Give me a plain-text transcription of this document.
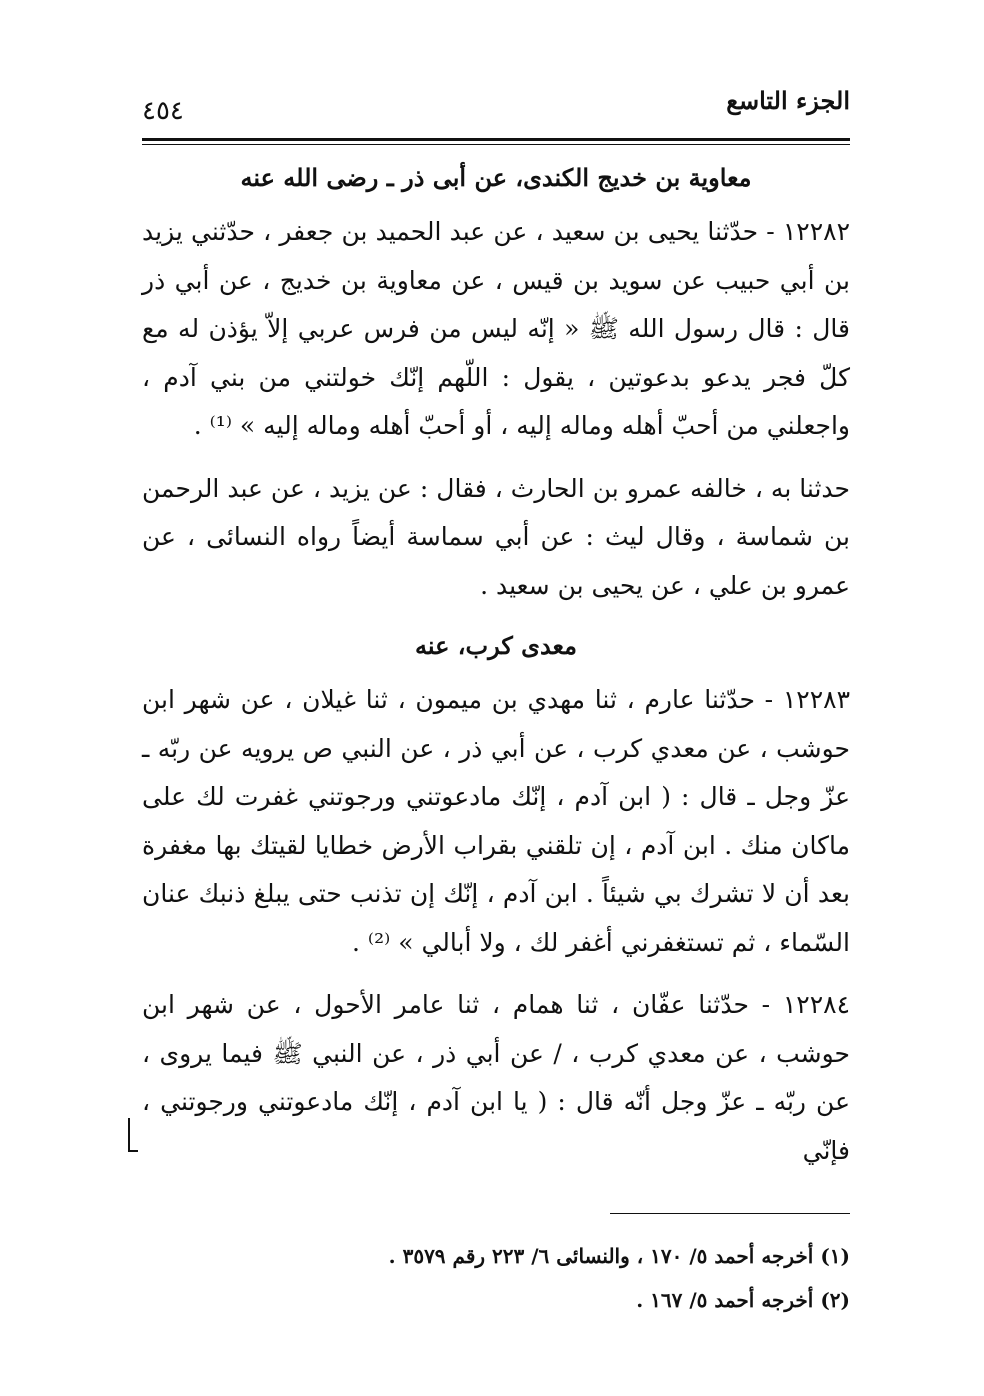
الجزء التاسع
٤٥٤
معاوية بن خديج الكندى، عن أبى ذر ـ رضى الله عنه

١٢٢٨٢ - حدّثنا يحيى بن سعيد ، عن عبد الحميد بن جعفر ، حدّثني يزيد بن أبي حبيب عن سويد بن قيس ، عن معاوية بن خديج ، عن أبي ذر قال : قال رسول الله ﷺ « إنّه ليس من فرس عربي إلاّ يؤذن له مع كلّ فجر يدعو بدعوتين ، يقول : اللّهم إنّك خولتني من بني آدم ، واجعلني من أحبّ أهله وماله إليه ، أو أحبّ أهله وماله إليه » ⁽¹⁾ .

حدثنا به ، خالفه عمرو بن الحارث ، فقال : عن يزيد ، عن عبد الرحمن بن شماسة ، وقال ليث : عن أبي سماسة أيضاً رواه النسائى ، عن عمرو بن علي ، عن يحيى بن سعيد .

معدى كرب، عنه

١٢٢٨٣ - حدّثنا عارم ، ثنا مهدي بن ميمون ، ثنا غيلان ، عن شهر ابن حوشب ، عن معدي كرب ، عن أبي ذر ، عن النبي ص يرويه عن ربّه ـ عزّ وجل ـ قال : ( ابن آدم ، إنّك مادعوتني ورجوتني غفرت لك على ماكان منك . ابن آدم ، إن تلقني بقراب الأرض خطايا لقيتك بها مغفرة بعد أن لا تشرك بي شيئاً . ابن آدم ، إنّك إن تذنب حتى يبلغ ذنبك عنان السّماء ، ثم تستغفرني أغفر لك ، ولا أبالي » ⁽²⁾ .

١٢٢٨٤ - حدّثنا عفّان ، ثنا همام ، ثنا عامر الأحول ، عن شهر ابن حوشب ، عن معدي كرب ، / عن أبي ذر ، عن النبي ﷺ فيما يروى ، عن ربّه ـ عزّ وجل أنّه قال : ( يا ابن آدم ، إنّك مادعوتني ورجوتني ، فإنّي

(١) أخرجه أحمد ٥/ ١٧٠ ، والنسائى ٦/ ٢٢٣ رقم ٣٥٧٩ .

(٢) أخرجه أحمد ٥/ ١٦٧ .
